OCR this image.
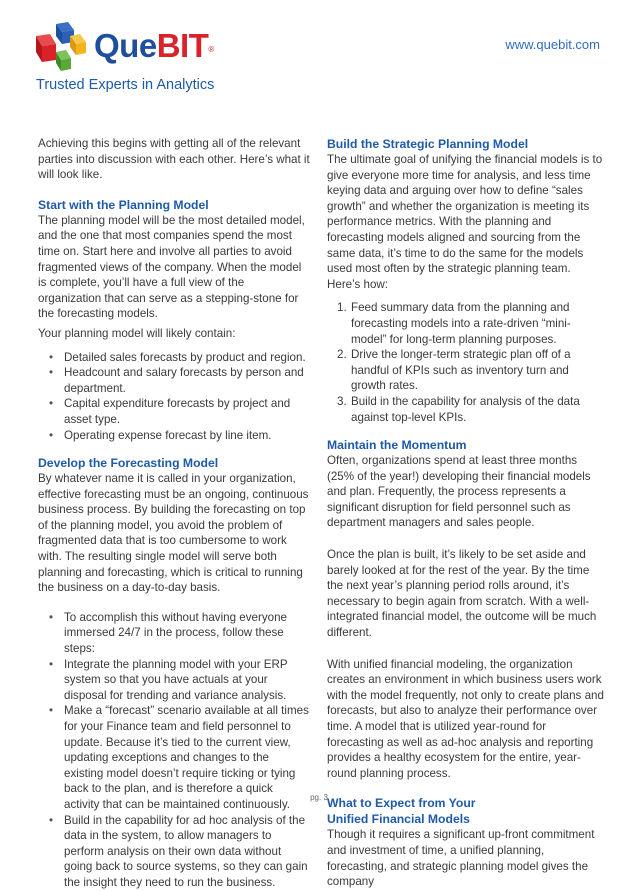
QueBIT®
Trusted Experts in Analytics
www.quebit.com

Achieving this begins with getting all of the relevant parties into discussion with each other. Here’s what it will look like.

Start with the Planning Model

The planning model will be the most detailed model, and the one that most companies spend the most time on. Start here and involve all parties to avoid fragmented views of the company. When the model is complete, you’ll have a full view of the organization that can serve as a stepping-stone for the forecasting models.

Your planning model will likely contain:

• Detailed sales forecasts by product and region.
• Headcount and salary forecasts by person and department.
• Capital expenditure forecasts by project and asset type.
• Operating expense forecast by line item.
Develop the Forecasting Model

By whatever name it is called in your organization, effective forecasting must be an ongoing, continuous business process. By building the forecasting on top of the planning model, you avoid the problem of fragmented data that is too cumbersome to work with. The resulting single model will serve both planning and forecasting, which is critical to running the business on a day-to-day basis.

• To accomplish this without having everyone immersed 24/7 in the process, follow these steps:
• Integrate the planning model with your ERP system so that you have actuals at your disposal for trending and variance analysis.
• Make a “forecast” scenario available at all times for your Finance team and field personnel to update. Because it’s tied to the current view, updating exceptions and changes to the existing model doesn’t require ticking or tying back to the plan, and is therefore a quick activity that can be maintained continuously.
• Build in the capability for ad hoc analysis of the data in the system, to allow managers to perform analysis on their own data without going back to source systems, so they can gain the insight they need to run the business.
Build the Strategic Planning Model

The ultimate goal of unifying the financial models is to give everyone more time for analysis, and less time keying data and arguing over how to define “sales growth” and whether the organization is meeting its performance metrics. With the planning and forecasting models aligned and sourcing from the same data, it’s time to do the same for the models used most often by the strategic planning team. Here’s how:

1. Feed summary data from the planning and forecasting models into a rate-driven “mini-model” for long-term planning purposes.
2. Drive the longer-term strategic plan off of a handful of KPIs such as inventory turn and growth rates.
3. Build in the capability for analysis of the data against top-level KPIs.
Maintain the Momentum

Often, organizations spend at least three months (25% of the year!) developing their financial models and plan. Frequently, the process represents a significant disruption for field personnel such as department managers and sales people.

Once the plan is built, it’s likely to be set aside and barely looked at for the rest of the year. By the time the next year’s planning period rolls around, it’s necessary to begin again from scratch. With a well-integrated financial model, the outcome will be much different.

With unified financial modeling, the organization creates an environment in which business users work with the model frequently, not only to create plans and forecasts, but also to analyze their performance over time. A model that is utilized year-round for forecasting as well as ad-hoc analysis and reporting provides a healthy ecosystem for the entire, year-round planning process.

What to Expect from Your
Unified Financial Models

Though it requires a significant up-front commitment and investment of time, a unified planning, forecasting, and strategic planning model gives the company

pg. 3
